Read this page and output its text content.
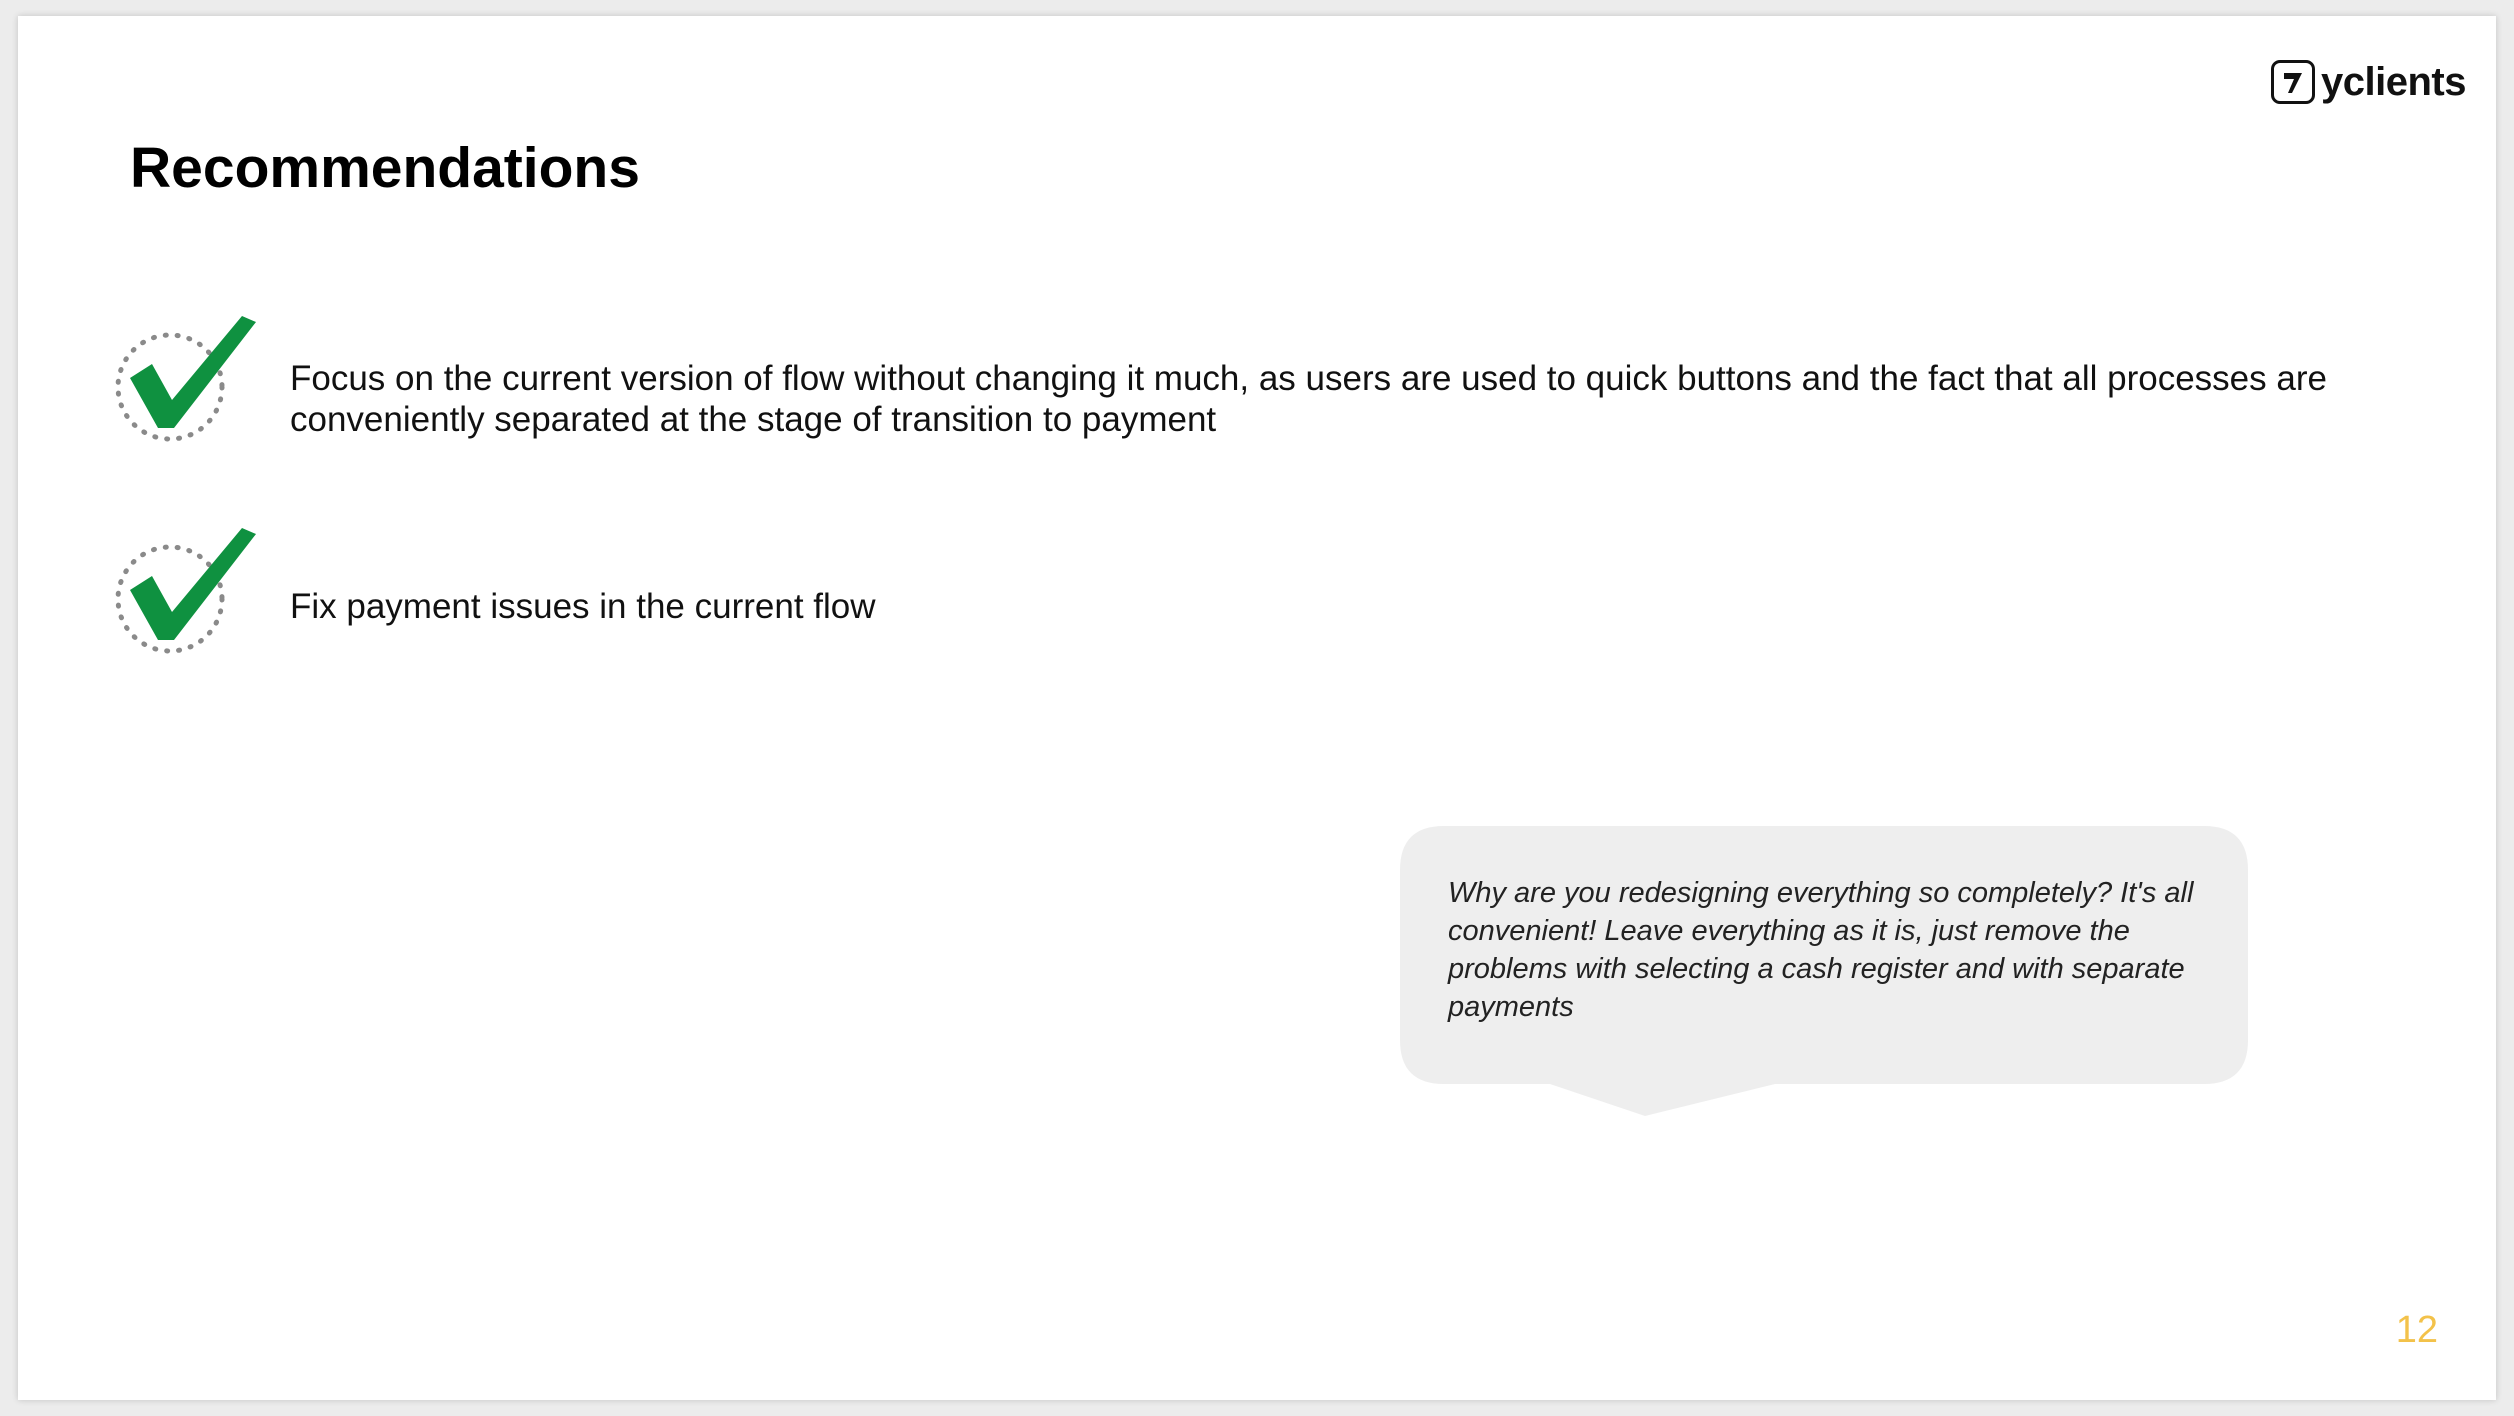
yclients
Recommendations
Focus on the current version of flow without changing it much, as users are used to quick buttons and the fact that all processes are conveniently separated at the stage of transition to payment
Fix payment issues in the current flow
Why are you redesigning everything so completely? It's all convenient! Leave everything as it is, just remove the problems with selecting a cash register and with separate payments
12
